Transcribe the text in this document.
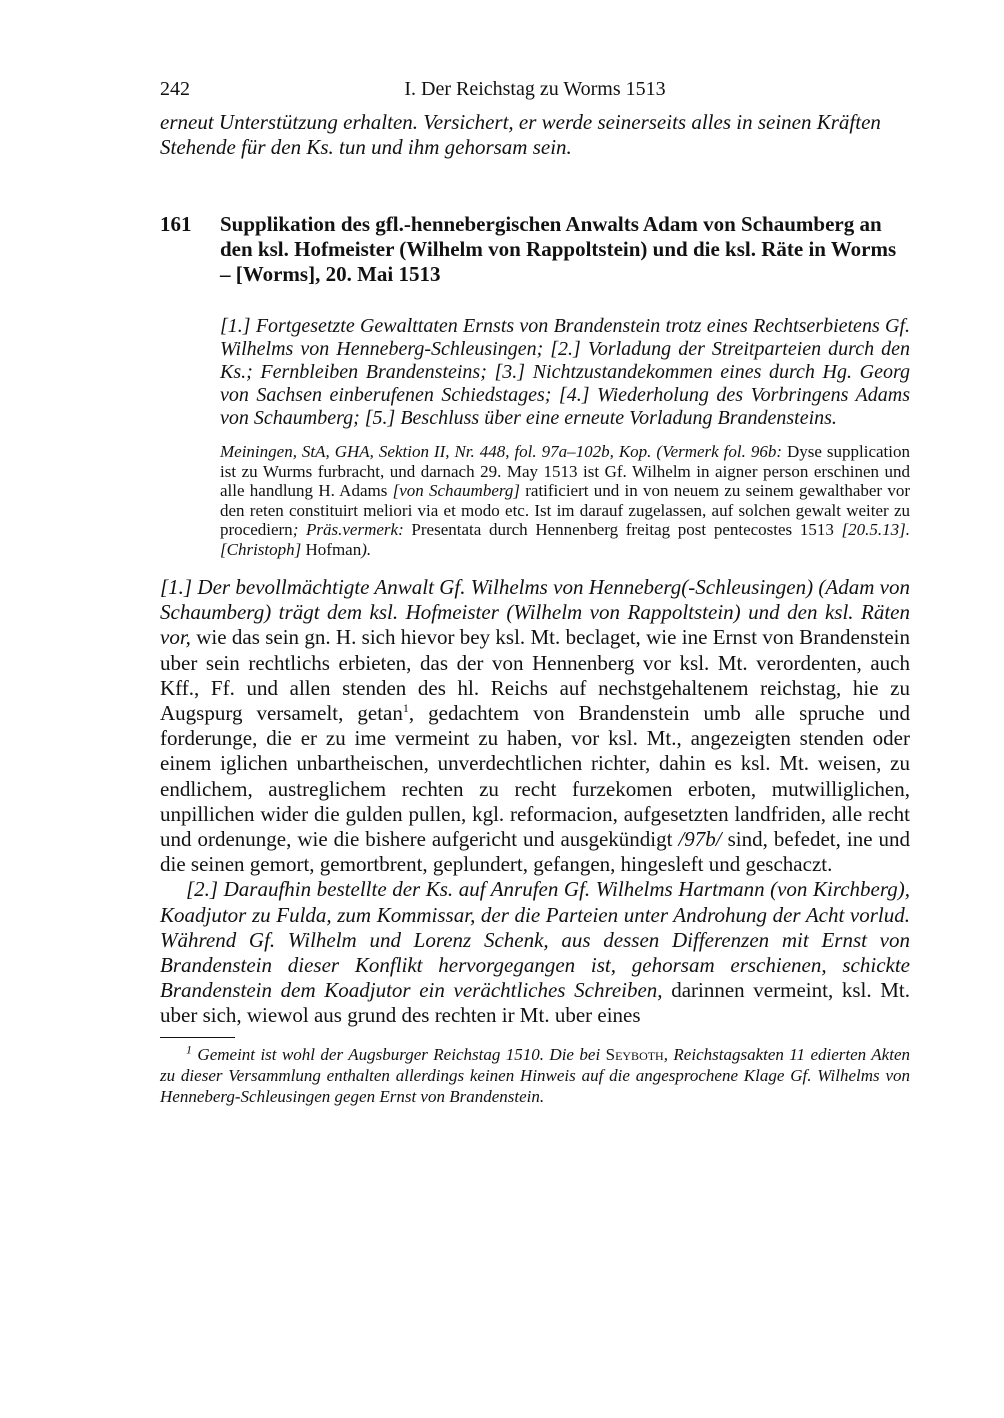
I. Der Reichstag zu Worms 1513
242

erneut Unterstützung erhalten. Versichert, er werde seinerseits alles in seinen Kräften Stehende für den Ks. tun und ihm gehorsam sein.

161	Supplikation des gfl.-hennebergischen Anwalts Adam von Schaumberg an den ksl. Hofmeister (Wilhelm von Rappoltstein) und die ksl. Räte in Worms – [Worms], 20. Mai 1513
[1.] Fortgesetzte Gewalttaten Ernsts von Brandenstein trotz eines Rechtserbietens Gf. Wilhelms von Henneberg-Schleusingen; [2.] Vorladung der Streitparteien durch den Ks.; Fernbleiben Brandensteins; [3.] Nichtzustandekommen eines durch Hg. Georg von Sachsen einberufenen Schiedstages; [4.] Wiederholung des Vorbringens Adams von Schaumberg; [5.] Beschluss über eine erneute Vorladung Brandensteins.
Meiningen, StA, GHA, Sektion II, Nr. 448, fol. 97a–102b, Kop. (Vermerk fol. 96b: Dyse supplication ist zu Wurms furbracht, und darnach 29. May 1513 ist Gf. Wilhelm in aigner person erschinen und alle handlung H. Adams [von Schaumberg] ratificiert und in von neuem zu seinem gewalthaber vor den reten constituirt meliori via et modo etc. Ist im darauf zugelassen, auf solchen gewalt weiter zu procediern; Präs.vermerk: Presentata durch Hennenberg freitag post pentecostes 1513 [20.5.13]. [Christoph] Hofman).

[1.] Der bevollmächtigte Anwalt Gf. Wilhelms von Henneberg(-Schleusingen) (Adam von Schaumberg) trägt dem ksl. Hofmeister (Wilhelm von Rappoltstein) und den ksl. Räten vor, wie das sein gn. H. sich hievor bey ksl. Mt. beclaget, wie ine Ernst von Brandenstein uber sein rechtlichs erbieten, das der von Hennenberg vor ksl. Mt. verordenten, auch Kff., Ff. und allen stenden des hl. Reichs auf nechstgehaltenem reichstag, hie zu Augspurg versamelt, getan$^1$, gedachtem von Brandenstein umb alle spruche und forderunge, die er zu ime vermeint zu haben, vor ksl. Mt., angezeigten stenden oder einem iglichen unbartheischen, unverdechtlichen richter, dahin es ksl. Mt. weisen, zu endlichem, austreglichem rechten zu recht furzekomen erboten, mutwilliglichen, unpillichen wider die gulden pullen, kgl. reformacion, aufgesetzten landfriden, alle recht und ordenunge, wie die bishere aufgericht und ausgekündigt /97b/ sind, befedet, ine und die seinen gemort, gemortbrent, geplundert, gefangen, hingesleft und geschaczt.

[2.] Daraufhin bestellte der Ks. auf Anrufen Gf. Wilhelms Hartmann (von Kirchberg), Koadjutor zu Fulda, zum Kommissar, der die Parteien unter Androhung der Acht vorlud. Während Gf. Wilhelm und Lorenz Schenk, aus dessen Differenzen mit Ernst von Brandenstein dieser Konflikt hervorgegangen ist, gehorsam erschienen, schickte Brandenstein dem Koadjutor ein verächtliches Schreiben, darinnen vermeint, ksl. Mt. uber sich, wiewol aus grund des rechten ir Mt. uber eines

$^1$ Gemeint ist wohl der Augsburger Reichstag 1510. Die bei Seyboth, Reichstagsakten 11 edierten Akten zu dieser Versammlung enthalten allerdings keinen Hinweis auf die angesprochene Klage Gf. Wilhelms von Henneberg-Schleusingen gegen Ernst von Brandenstein.
